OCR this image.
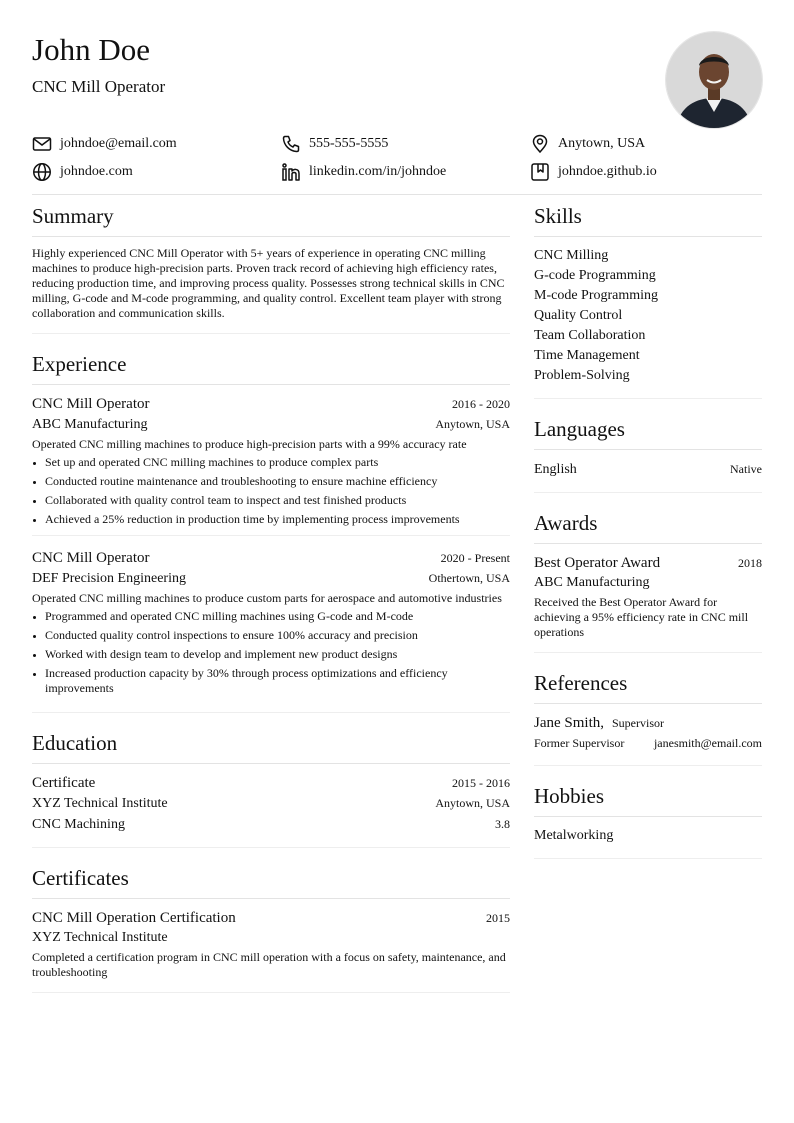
John Doe
CNC Mill Operator
johndoe@email.com	555-555-5555	Anytown, USA
johndoe.com	linkedin.com/in/johndoe	johndoe.github.io
Summary
Highly experienced CNC Mill Operator with 5+ years of experience in operating CNC milling machines to produce high-precision parts. Proven track record of achieving high efficiency rates, reducing production time, and improving process quality. Possesses strong technical skills in CNC milling, G-code and M-code programming, and quality control. Excellent team player with strong collaboration and communication skills.
Experience
CNC Mill Operator	2016 - 2020
ABC Manufacturing	Anytown, USA
Operated CNC milling machines to produce high-precision parts with a 99% accuracy rate
• Set up and operated CNC milling machines to produce complex parts
• Conducted routine maintenance and troubleshooting to ensure machine efficiency
• Collaborated with quality control team to inspect and test finished products
• Achieved a 25% reduction in production time by implementing process improvements
CNC Mill Operator	2020 - Present
DEF Precision Engineering	Othertown, USA
Operated CNC milling machines to produce custom parts for aerospace and automotive industries
• Programmed and operated CNC milling machines using G-code and M-code
• Conducted quality control inspections to ensure 100% accuracy and precision
• Worked with design team to develop and implement new product designs
• Increased production capacity by 30% through process optimizations and efficiency improvements
Education
Certificate	2015 - 2016
XYZ Technical Institute	Anytown, USA
CNC Machining	3.8
Certificates
CNC Mill Operation Certification	2015
XYZ Technical Institute
Completed a certification program in CNC mill operation with a focus on safety, maintenance, and troubleshooting
Skills
CNC Milling
G-code Programming
M-code Programming
Quality Control
Team Collaboration
Time Management
Problem-Solving
Languages
English	Native
Awards
Best Operator Award	2018
ABC Manufacturing
Received the Best Operator Award for achieving a 95% efficiency rate in CNC mill operations
References
Jane Smith, Supervisor
Former Supervisor janesmith@email.com
Hobbies
Metalworking
